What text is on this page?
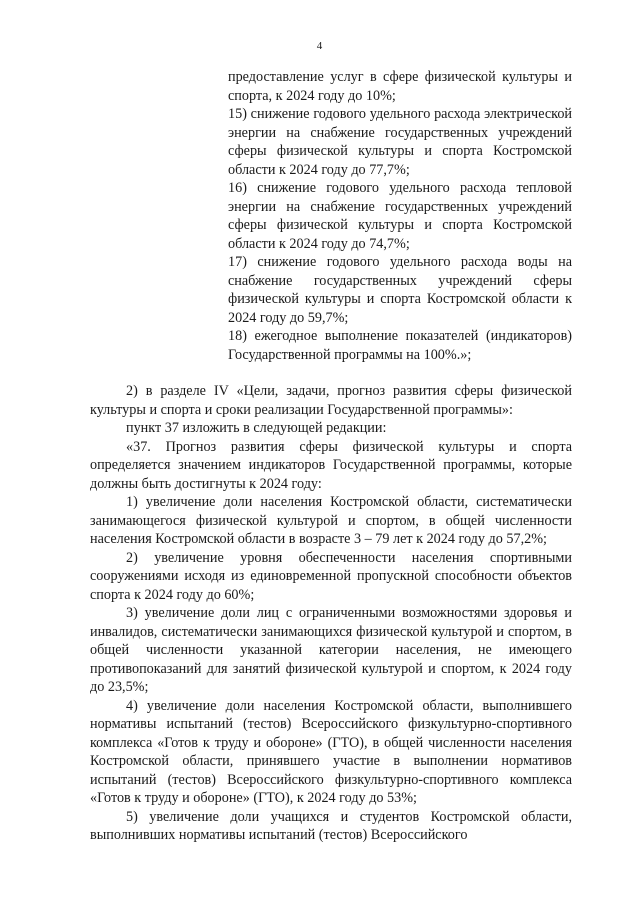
4

предоставление услуг в сфере физической культуры и спорта, к 2024 году до 10%;

15) снижение годового удельного расхода электрической энергии на снабжение государственных учреждений сферы физической культуры и спорта Костромской области к 2024 году до 77,7%;

16) снижение годового удельного расхода тепловой энергии на снабжение государственных учреждений сферы физической культуры и спорта Костромской области к 2024 году до 74,7%;

17) снижение годового удельного расхода воды на снабжение государственных учреждений сферы физической культуры и спорта Костромской области к 2024 году до 59,7%;

18) ежегодное выполнение показателей (индикаторов) Государственной программы на 100%.»;

2) в разделе IV «Цели, задачи, прогноз развития сферы физической культуры и спорта и сроки реализации Государственной программы»:

пункт 37 изложить в следующей редакции:

«37. Прогноз развития сферы физической культуры и спорта определяется значением индикаторов Государственной программы, которые должны быть достигнуты к 2024 году:

1) увеличение доли населения Костромской области, систематически занимающегося физической культурой и спортом, в общей численности населения Костромской области в возрасте 3 – 79 лет к 2024 году до 57,2%;

2) увеличение уровня обеспеченности населения спортивными сооружениями исходя из единовременной пропускной способности объектов спорта к 2024 году до 60%;

3) увеличение доли лиц с ограниченными возможностями здоровья и инвалидов, систематически занимающихся физической культурой и спортом, в общей численности указанной категории населения, не имеющего противопоказаний для занятий физической культурой и спортом, к 2024 году до 23,5%;

4) увеличение доли населения Костромской области, выполнившего нормативы испытаний (тестов) Всероссийского физкультурно-спортивного комплекса «Готов к труду и обороне» (ГТО), в общей численности населения Костромской области, принявшего участие в выполнении нормативов испытаний (тестов) Всероссийского физкультурно-спортивного комплекса «Готов к труду и обороне» (ГТО), к 2024 году до 53%;

5) увеличение доли учащихся и студентов Костромской области, выполнивших нормативы испытаний (тестов) Всероссийского
